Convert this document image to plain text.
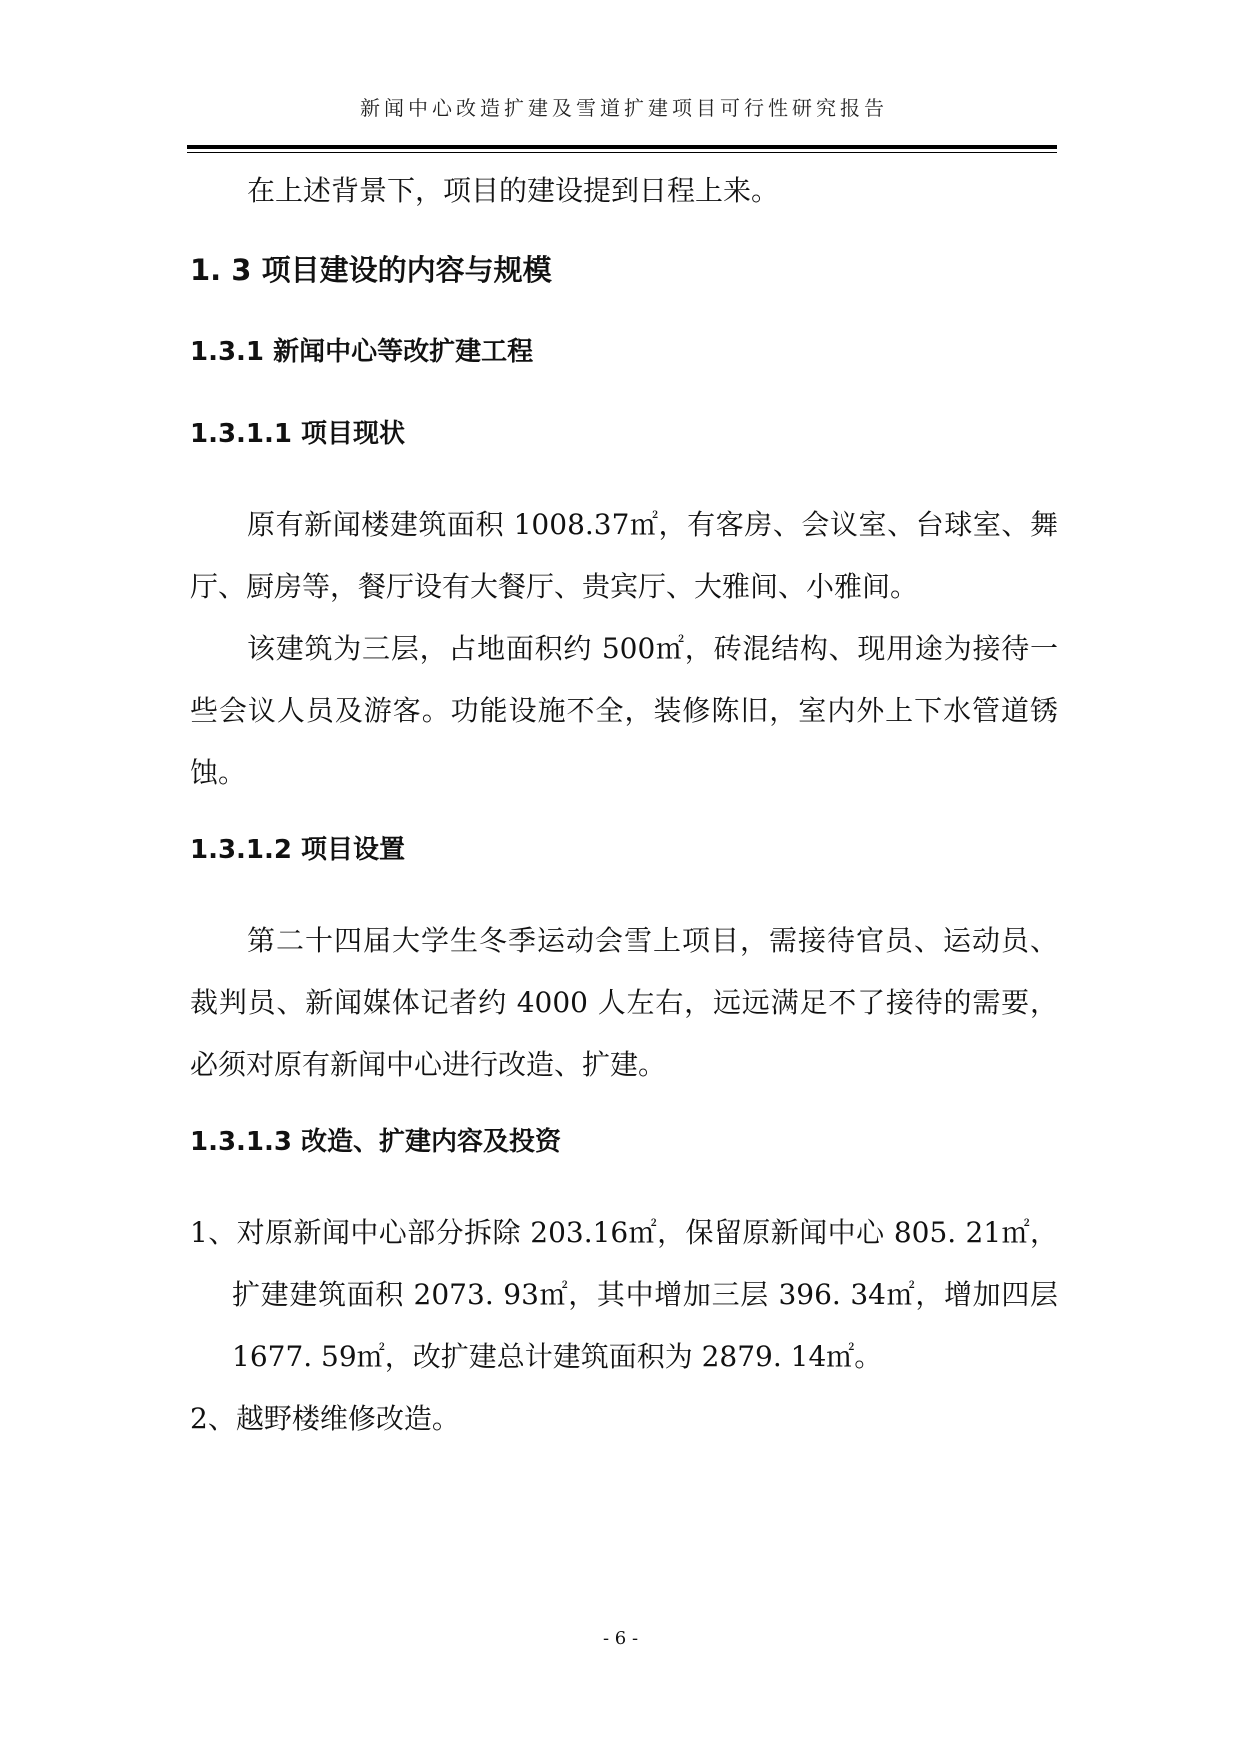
新闻中心改造扩建及雪道扩建项目可行性研究报告

在上述背景下，项目的建设提到日程上来。

1. 3 项目建设的内容与规模
1.3.1 新闻中心等改扩建工程
1.3.1.1 项目现状

原有新闻楼建筑面积 1008.37㎡，有客房、会议室、台球室、舞厅、厨房等，餐厅设有大餐厅、贵宾厅、大雅间、小雅间。

该建筑为三层，占地面积约 500㎡，砖混结构、现用途为接待一些会议人员及游客。功能设施不全，装修陈旧，室内外上下水管道锈蚀。

1.3.1.2 项目设置

第二十四届大学生冬季运动会雪上项目，需接待官员、运动员、裁判员、新闻媒体记者约 4000 人左右，远远满足不了接待的需要，必须对原有新闻中心进行改造、扩建。

1.3.1.3 改造、扩建内容及投资

1、对原新闻中心部分拆除 203.16㎡，保留原新闻中心 805. 21㎡，扩建建筑面积 2073. 93㎡，其中增加三层 396. 34㎡，增加四层 1677. 59㎡，改扩建总计建筑面积为 2879. 14㎡。

2、越野楼维修改造。

- 6 -
